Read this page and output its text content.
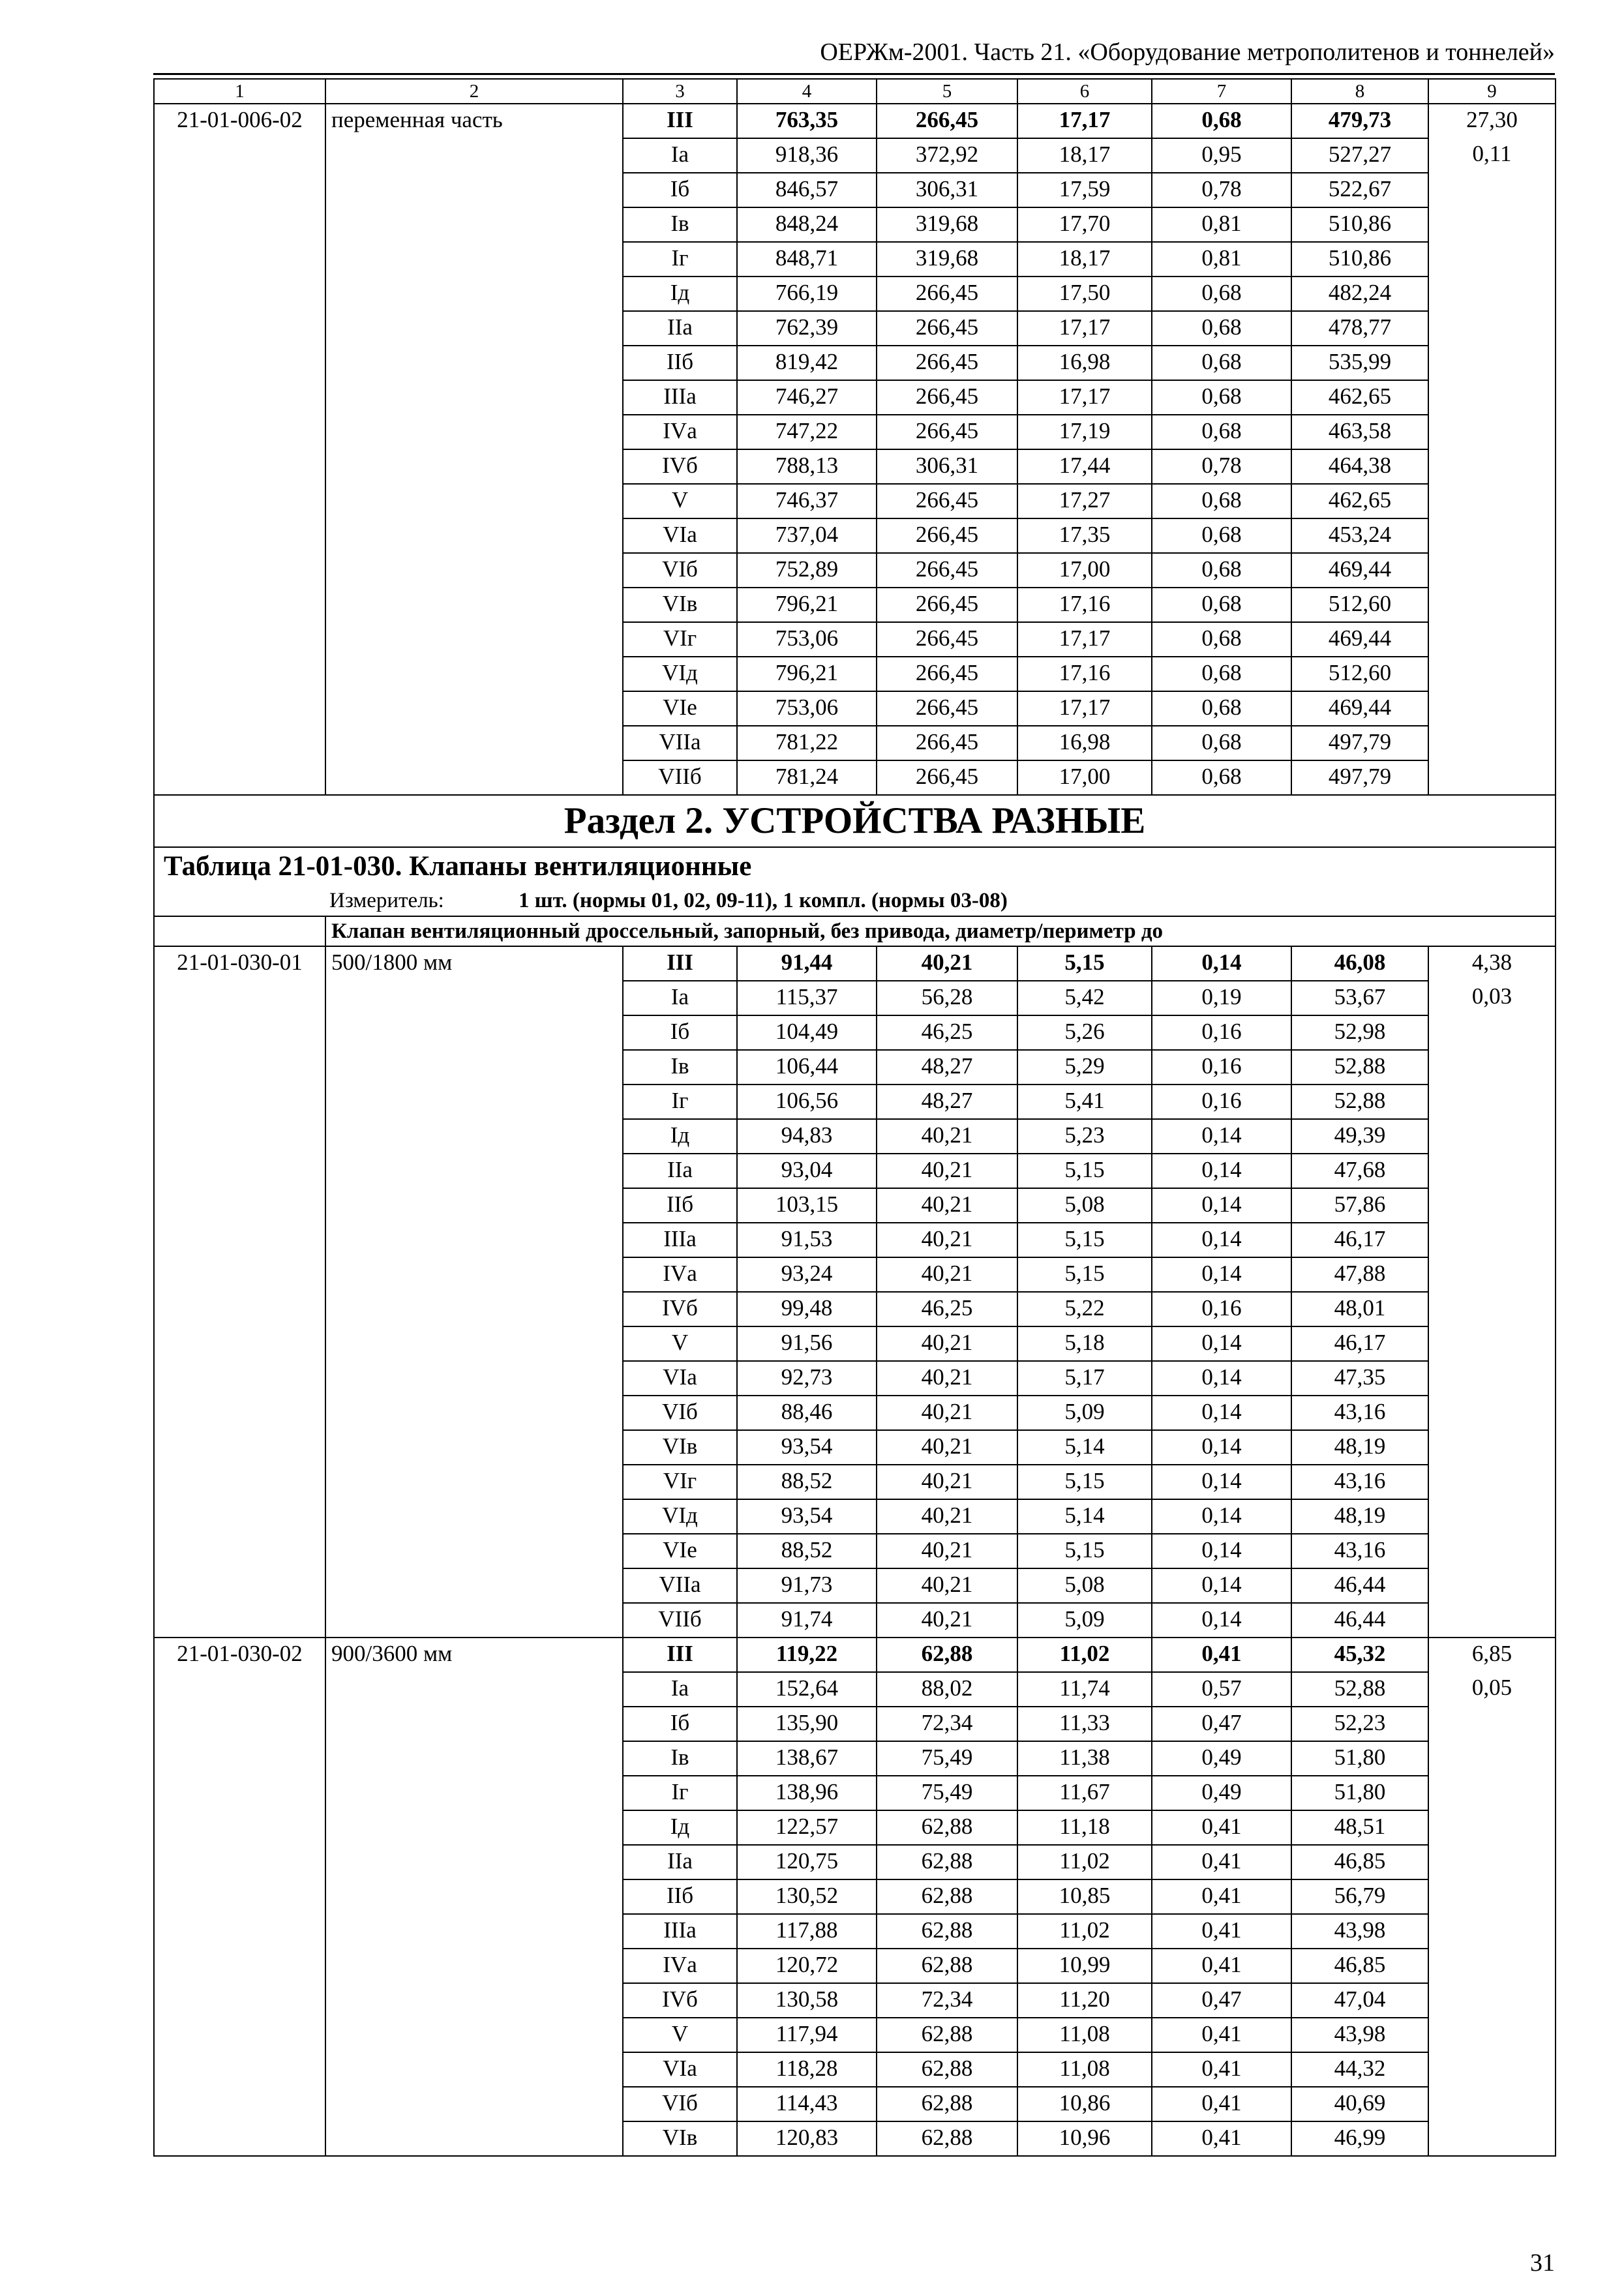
ОЕРЖм-2001. Часть 21. «Оборудование метрополитенов и тоннелей»
1	2	3	4	5	6	7	8	9
21-01-006-02	переменная часть	III	763,35	266,45	17,17	0,68	479,73	27,30
		Iа	918,36	372,92	18,17	0,95	527,27	0,11
		Iб	846,57	306,31	17,59	0,78	522,67	
		Iв	848,24	319,68	17,70	0,81	510,86	
		Iг	848,71	319,68	18,17	0,81	510,86	
		Iд	766,19	266,45	17,50	0,68	482,24	
		IIа	762,39	266,45	17,17	0,68	478,77	
		IIб	819,42	266,45	16,98	0,68	535,99	
		IIIа	746,27	266,45	17,17	0,68	462,65	
		IVа	747,22	266,45	17,19	0,68	463,58	
		IVб	788,13	306,31	17,44	0,78	464,38	
		V	746,37	266,45	17,27	0,68	462,65	
		VIа	737,04	266,45	17,35	0,68	453,24	
		VIб	752,89	266,45	17,00	0,68	469,44	
		VIв	796,21	266,45	17,16	0,68	512,60	
		VIг	753,06	266,45	17,17	0,68	469,44	
		VIд	796,21	266,45	17,16	0,68	512,60	
		VIе	753,06	266,45	17,17	0,68	469,44	
		VIIа	781,22	266,45	16,98	0,68	497,79	
		VIIб	781,24	266,45	17,00	0,68	497,79	
Раздел 2. УСТРОЙСТВА РАЗНЫЕ								
Таблица 21-01-030. Клапаны вентиляционные								
Измеритель: 1 шт. (нормы 01, 02, 09-11), 1 компл. (нормы 03-08)								
	Клапан вентиляционный дроссельный, запорный, без привода, диаметр/периметр до							
21-01-030-01	500/1800 мм	III	91,44	40,21	5,15	0,14	46,08	4,38
		Iа	115,37	56,28	5,42	0,19	53,67	0,03
		Iб	104,49	46,25	5,26	0,16	52,98	
		Iв	106,44	48,27	5,29	0,16	52,88	
		Iг	106,56	48,27	5,41	0,16	52,88	
		Iд	94,83	40,21	5,23	0,14	49,39	
		IIа	93,04	40,21	5,15	0,14	47,68	
		IIб	103,15	40,21	5,08	0,14	57,86	
		IIIа	91,53	40,21	5,15	0,14	46,17	
		IVа	93,24	40,21	5,15	0,14	47,88	
		IVб	99,48	46,25	5,22	0,16	48,01	
		V	91,56	40,21	5,18	0,14	46,17	
		VIа	92,73	40,21	5,17	0,14	47,35	
		VIб	88,46	40,21	5,09	0,14	43,16	
		VIв	93,54	40,21	5,14	0,14	48,19	
		VIг	88,52	40,21	5,15	0,14	43,16	
		VIд	93,54	40,21	5,14	0,14	48,19	
		VIе	88,52	40,21	5,15	0,14	43,16	
		VIIа	91,73	40,21	5,08	0,14	46,44	
		VIIб	91,74	40,21	5,09	0,14	46,44	
21-01-030-02	900/3600 мм	III	119,22	62,88	11,02	0,41	45,32	6,85
		Iа	152,64	88,02	11,74	0,57	52,88	0,05
		Iб	135,90	72,34	11,33	0,47	52,23	
		Iв	138,67	75,49	11,38	0,49	51,80	
		Iг	138,96	75,49	11,67	0,49	51,80	
		Iд	122,57	62,88	11,18	0,41	48,51	
		IIа	120,75	62,88	11,02	0,41	46,85	
		IIб	130,52	62,88	10,85	0,41	56,79	
		IIIа	117,88	62,88	11,02	0,41	43,98	
		IVа	120,72	62,88	10,99	0,41	46,85	
		IVб	130,58	72,34	11,20	0,47	47,04	
		V	117,94	62,88	11,08	0,41	43,98	
		VIа	118,28	62,88	11,08	0,41	44,32	
		VIб	114,43	62,88	10,86	0,41	40,69	
		VIв	120,83	62,88	10,96	0,41	46,99	
31
